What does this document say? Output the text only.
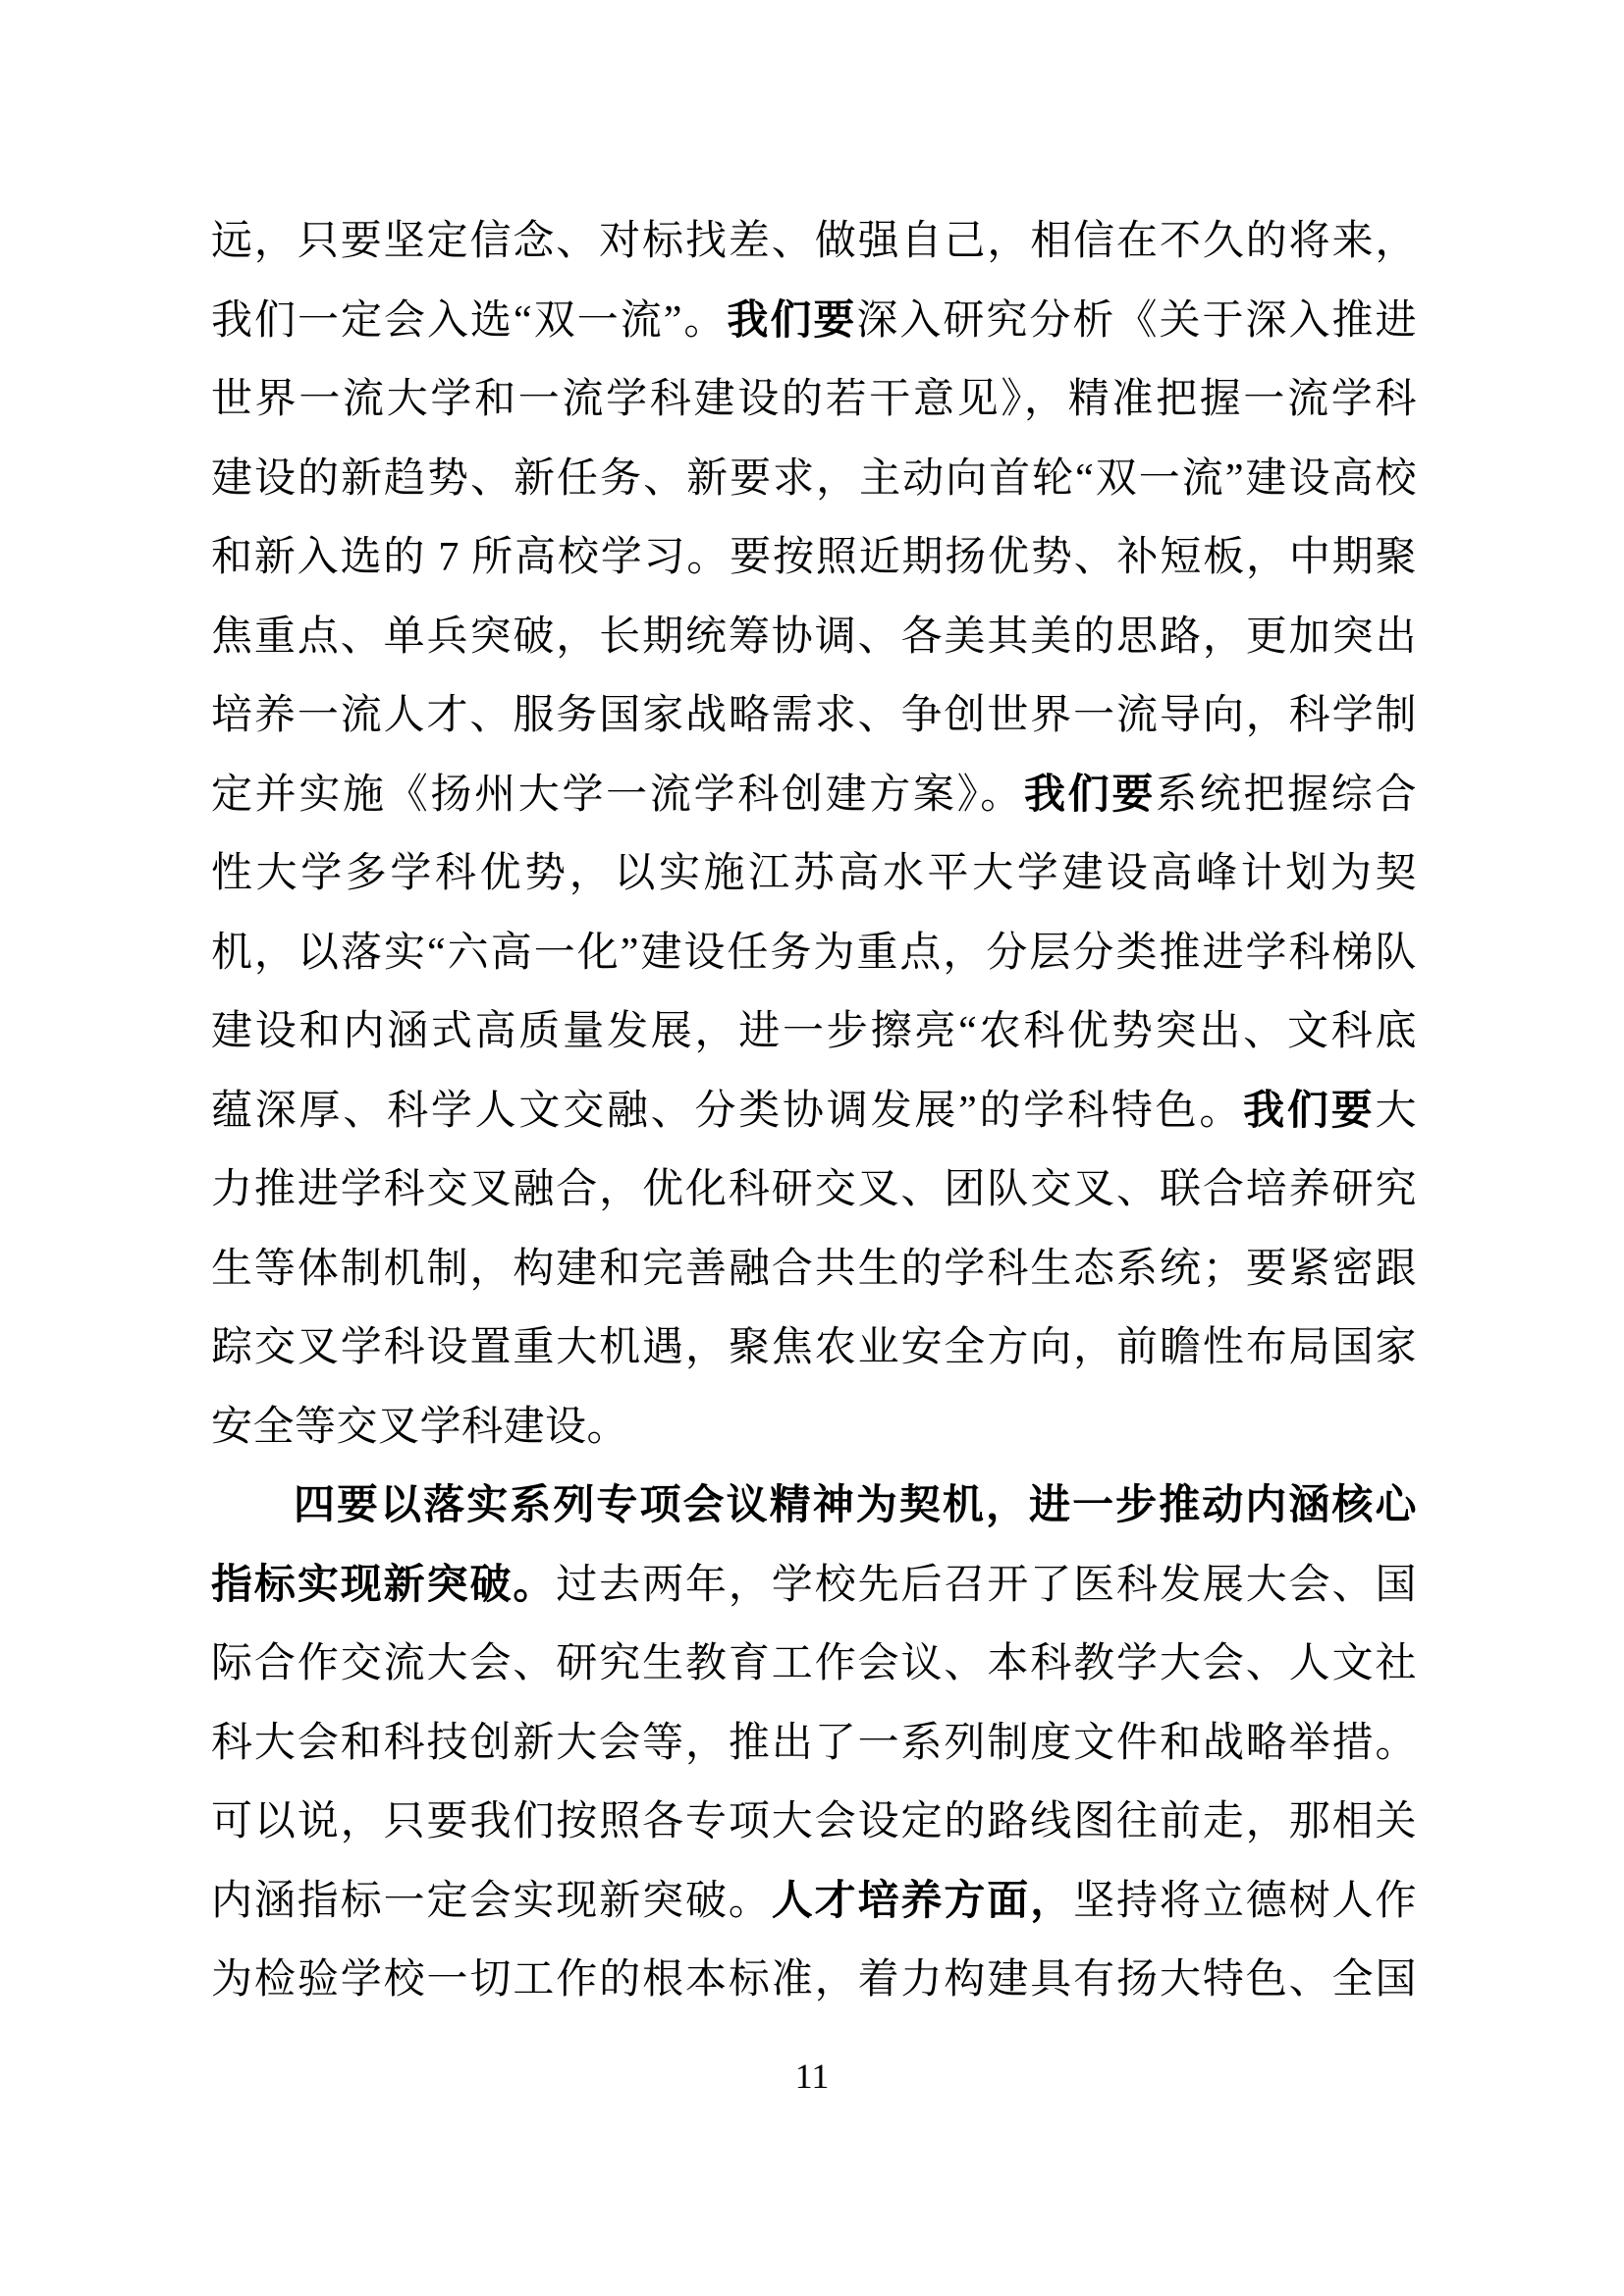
远，只要坚定信念、对标找差、做强自己，相信在不久的将来，
我们一定会入选“双一流”。我们要深入研究分析《关于深入推进
世界一流大学和一流学科建设的若干意见》，精准把握一流学科
建设的新趋势、新任务、新要求，主动向首轮“双一流”建设高校
和新入选的 7 所高校学习。要按照近期扬优势、补短板，中期聚
焦重点、单兵突破，长期统筹协调、各美其美的思路，更加突出
培养一流人才、服务国家战略需求、争创世界一流导向，科学制
定并实施《扬州大学一流学科创建方案》。我们要系统把握综合
性大学多学科优势，以实施江苏高水平大学建设高峰计划为契
机，以落实“六高一化”建设任务为重点，分层分类推进学科梯队
建设和内涵式高质量发展，进一步擦亮“农科优势突出、文科底
蕴深厚、科学人文交融、分类协调发展”的学科特色。我们要大
力推进学科交叉融合，优化科研交叉、团队交叉、联合培养研究
生等体制机制，构建和完善融合共生的学科生态系统；要紧密跟
踪交叉学科设置重大机遇，聚焦农业安全方向，前瞻性布局国家
安全等交叉学科建设。
四要以落实系列专项会议精神为契机，进一步推动内涵核心
指标实现新突破。过去两年，学校先后召开了医科发展大会、国
际合作交流大会、研究生教育工作会议、本科教学大会、人文社
科大会和科技创新大会等，推出了一系列制度文件和战略举措。
可以说，只要我们按照各专项大会设定的路线图往前走，那相关
内涵指标一定会实现新突破。人才培养方面，坚持将立德树人作
为检验学校一切工作的根本标准，着力构建具有扬大特色、全国
11
